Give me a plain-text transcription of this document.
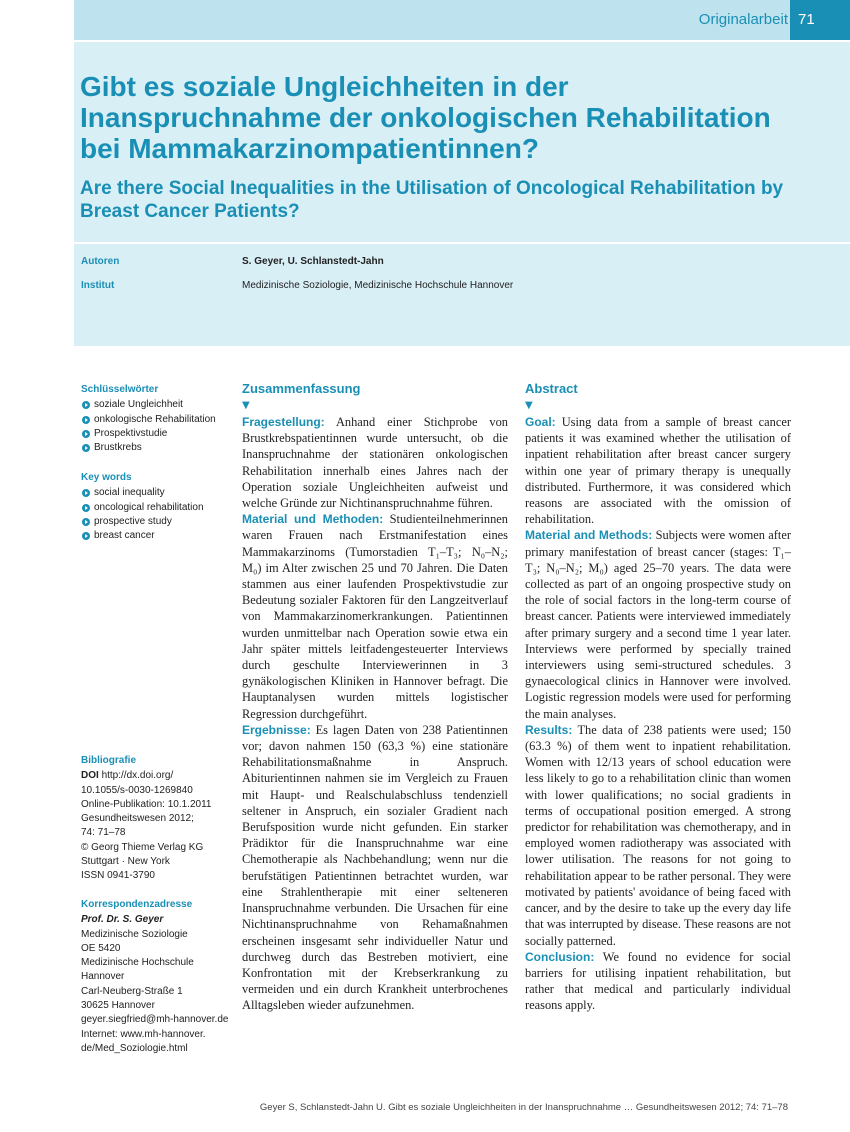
Originalarbeit 71
Gibt es soziale Ungleichheiten in der Inanspruchnahme der onkologischen Rehabilitation bei Mammakarzinompatientinnen?
Are there Social Inequalities in the Utilisation of Oncological Rehabilitation by Breast Cancer Patients?
Autoren	S. Geyer, U. Schlanstedt-Jahn
Institut	Medizinische Soziologie, Medizinische Hochschule Hannover
Schlüsselwörter
soziale Ungleichheit
onkologische Rehabilitation
Prospektivstudie
Brustkrebs
Key words
social inequality
oncological rehabilitation
prospective study
breast cancer
Bibliografie
DOI http://dx.doi.org/
10.1055/s-0030-1269840
Online-Publikation: 10.1.2011
Gesundheitswesen 2012;
74: 71–78
© Georg Thieme Verlag KG
Stuttgart · New York
ISSN 0941-3790
Korrespondenzadresse
Prof. Dr. S. Geyer
Medizinische Soziologie
OE 5420
Medizinische Hochschule
Hannover
Carl-Neuberg-Straße 1
30625 Hannover
geyer.siegfried@mh-hannover.de
Internet: www.mh-hannover.
de/Med_Soziologie.html
Zusammenfassung
▼

Fragestellung: Anhand einer Stichprobe von Brustkrebspatientinnen wurde untersucht, ob die Inanspruchnahme der stationären onkologischen Rehabilitation innerhalb eines Jahres nach der Operation soziale Ungleichheiten aufweist und welche Gründe zur Nichtinanspruchnahme führen.

Material und Methoden: Studienteilnehmerinnen waren Frauen nach Erstmanifestation eines Mammakarzinoms (Tumorstadien T₁–T₃; N₀–N₂; M₀) im Alter zwischen 25 und 70 Jahren. Die Daten stammen aus einer laufenden Prospektivstudie zur Bedeutung sozialer Faktoren für den Langzeitverlauf von Mammakarzinomerkrankungen. Patientinnen wurden unmittelbar nach Operation sowie etwa ein Jahr später mittels leitfadengesteuerter Interviews durch geschulte Interviewerinnen in 3 gynäkologischen Kliniken in Hannover befragt. Die Hauptanalysen wurden mittels logistischer Regression durchgeführt.

Ergebnisse: Es lagen Daten von 238 Patientinnen vor; davon nahmen 150 (63,3 %) eine stationäre Rehabilitationsmaßnahme in Anspruch. Abiturientinnen nahmen sie im Vergleich zu Frauen mit Haupt- und Realschulabschluss tendenziell seltener in Anspruch, ein sozialer Gradient nach Berufsposition wurde nicht gefunden. Ein starker Prädiktor für die Inanspruchnahme war eine Chemotherapie als Nachbehandlung; wenn nur die berufstätigen Patientinnen betrachtet wurden, war eine Strahlentherapie mit einer selteneren Inanspruchnahme verbunden. Die Ursachen für eine Nichtinanspruchnahme von Rehamaßnahmen erscheinen insgesamt sehr individueller Natur und durchweg durch das Bestreben motiviert, eine Konfrontation mit der Krebserkrankung zu vermeiden und ein durch Krankheit unterbrochenes Alltagsleben wieder aufzunehmen.

Abstract
▼

Goal: Using data from a sample of breast cancer patients it was examined whether the utilisation of inpatient rehabilitation after breast cancer surgery within one year of primary therapy is unequally distributed. Furthermore, it was considered which reasons are associated with the omission of rehabilitation.

Material and Methods: Subjects were women after primary manifestation of breast cancer (stages: T₁–T₃; N₀–N₂; M₀) aged 25–70 years. The data were collected as part of an ongoing prospective study on the role of social factors in the long-term course of breast cancer. Patients were interviewed immediately after primary surgery and a second time 1 year later. Interviews were performed by specially trained interviewers using semi-structured schedules. 3 gynaecological clinics in Hannover were involved. Logistic regression models were used for performing the main analyses.

Results: The data of 238 patients were used; 150 (63.3 %) of them went to inpatient rehabilitation. Women with 12/13 years of school education were less likely to go to a rehabilitation clinic than women with lower qualifications; no social gradients in terms of occupational position emerged. A strong predictor for rehabilitation was chemotherapy, and in employed women radiotherapy was associated with lower utilisation. The reasons for not going to rehabilitation appear to be rather personal. They were motivated by patients' avoidance of being faced with cancer, and by the desire to take up the every day life that was interrupted by disease. These reasons are not socially patterned.

Conclusion: We found no evidence for social barriers for utilising inpatient rehabilitation, but rather that medical and particularly individual reasons apply.

Geyer S, Schlanstedt-Jahn U. Gibt es soziale Ungleichheiten in der Inanspruchnahme … Gesundheitswesen 2012; 74: 71–78
